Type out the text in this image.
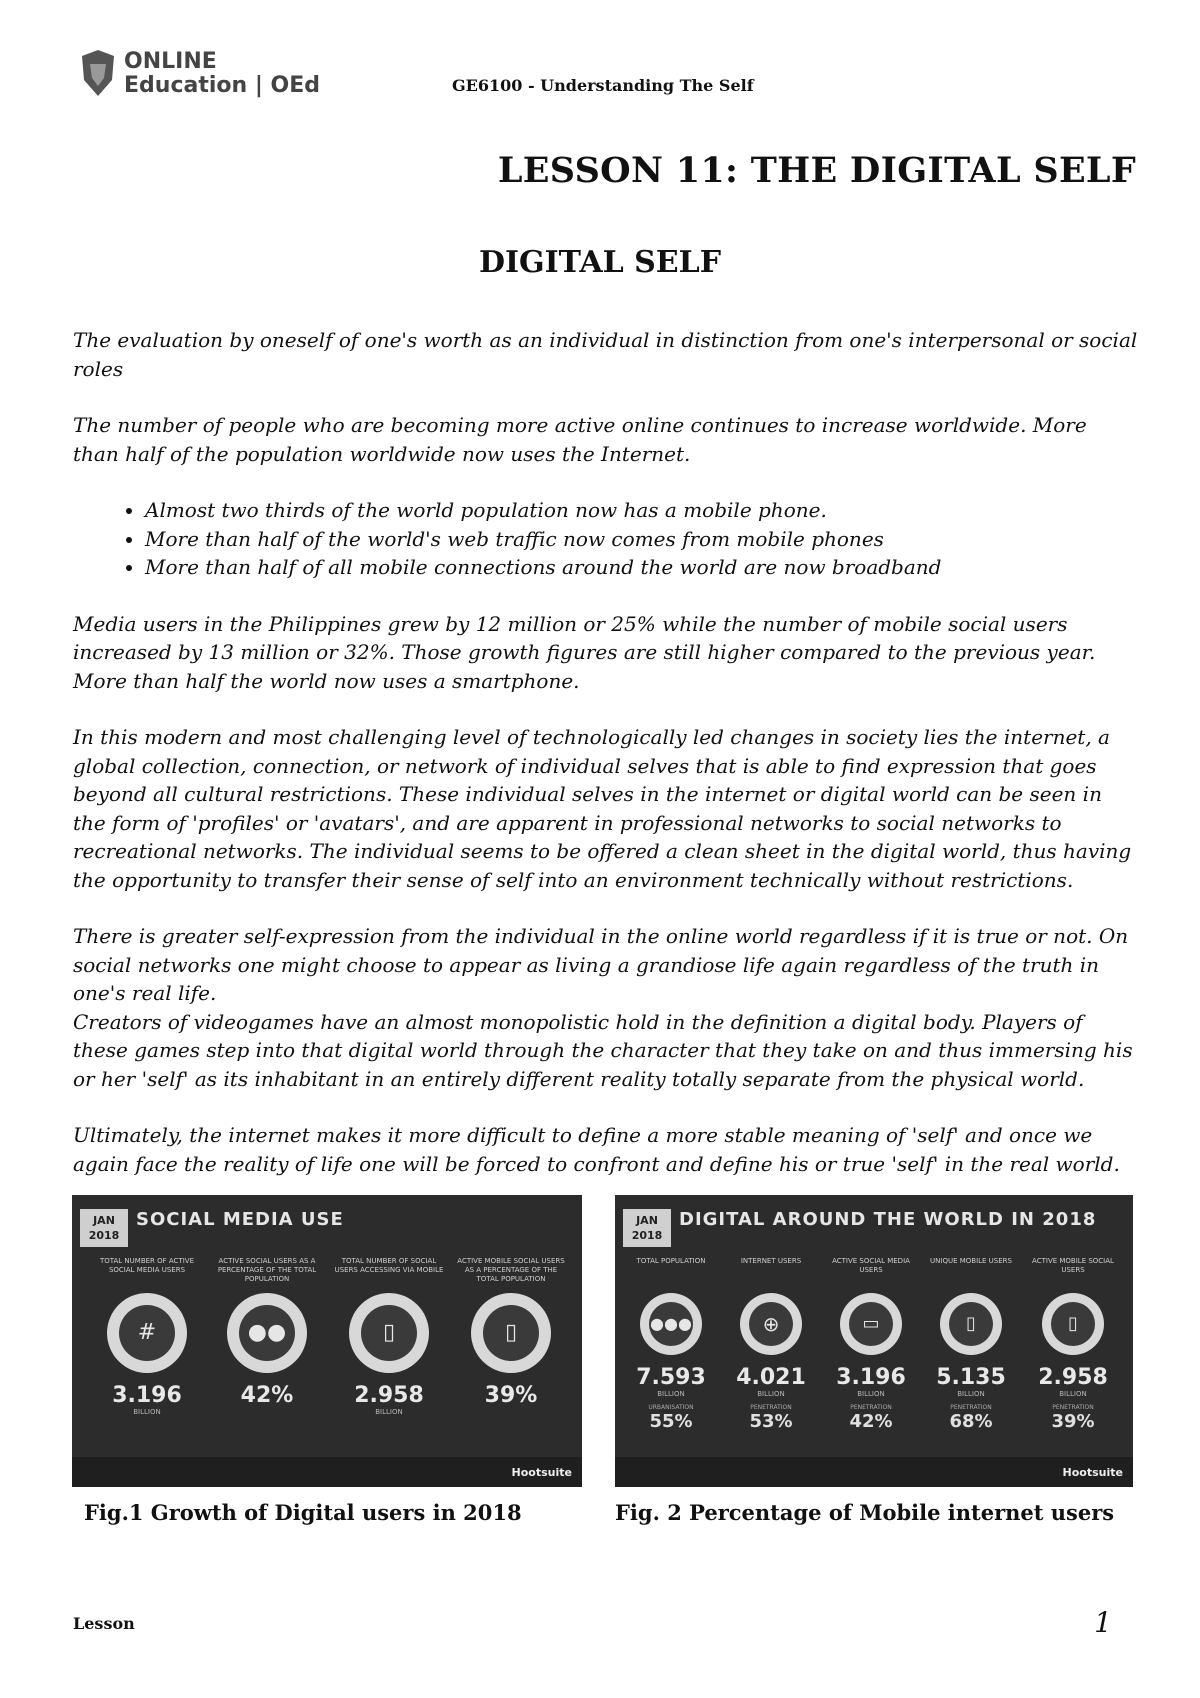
ONLINE Education | OEd	GE6100 - Understanding The Self
LESSON 11: THE DIGITAL SELF
DIGITAL SELF

The evaluation by oneself of one's worth as an individual in distinction from one's interpersonal or social roles

The number of people who are becoming more active online continues to increase worldwide. More than half of the population worldwide now uses the Internet.

• Almost two thirds of the world population now has a mobile phone.
• More than half of the world's web traffic now comes from mobile phones
• More than half of all mobile connections around the world are now broadband

Media users in the Philippines grew by 12 million or 25% while the number of mobile social users increased by 13 million or 32%. Those growth figures are still higher compared to the previous year. More than half the world now uses a smartphone.

In this modern and most challenging level of technologically led changes in society lies the internet, a global collection, connection, or network of individual selves that is able to find expression that goes beyond all cultural restrictions. These individual selves in the internet or digital world can be seen in the form of 'profiles' or 'avatars', and are apparent in professional networks to social networks to recreational networks. The individual seems to be offered a clean sheet in the digital world, thus having the opportunity to transfer their sense of self into an environment technically without restrictions.

There is greater self-expression from the individual in the online world regardless if it is true or not. On social networks one might choose to appear as living a grandiose life again regardless of the truth in one's real life.

Creators of videogames have an almost monopolistic hold in the definition a digital body. Players of these games step into that digital world through the character that they take on and thus immersing his or her 'self' as its inhabitant in an entirely different reality totally separate from the physical world.

Ultimately, the internet makes it more difficult to define a more stable meaning of 'self' and once we again face the reality of life one will be forced to confront and define his or true 'self' in the real world.

JAN 2018
SOCIAL MEDIA USE
TOTAL NUMBER OF ACTIVE SOCIAL MEDIA USERS
#
3.196
BILLION
ACTIVE SOCIAL USERS AS A PERCENTAGE OF THE TOTAL POPULATION
●●
42%
TOTAL NUMBER OF SOCIAL USERS ACCESSING VIA MOBILE
▯
2.958
BILLION
ACTIVE MOBILE SOCIAL USERS AS A PERCENTAGE OF THE TOTAL POPULATION
▯
39%
Hootsuite
Fig.1 Growth of Digital users in 2018
JAN 2018
DIGITAL AROUND THE WORLD IN 2018
TOTAL POPULATION
●●●
7.593
BILLION
URBANISATION
55%
INTERNET USERS
⊕
4.021
BILLION
PENETRATION
53%
ACTIVE SOCIAL MEDIA USERS
▭
3.196
BILLION
PENETRATION
42%
UNIQUE MOBILE USERS
▯
5.135
BILLION
PENETRATION
68%
ACTIVE MOBILE SOCIAL USERS
▯
2.958
BILLION
PENETRATION
39%
Hootsuite
Fig. 2 Percentage of Mobile internet users
Lesson	1
